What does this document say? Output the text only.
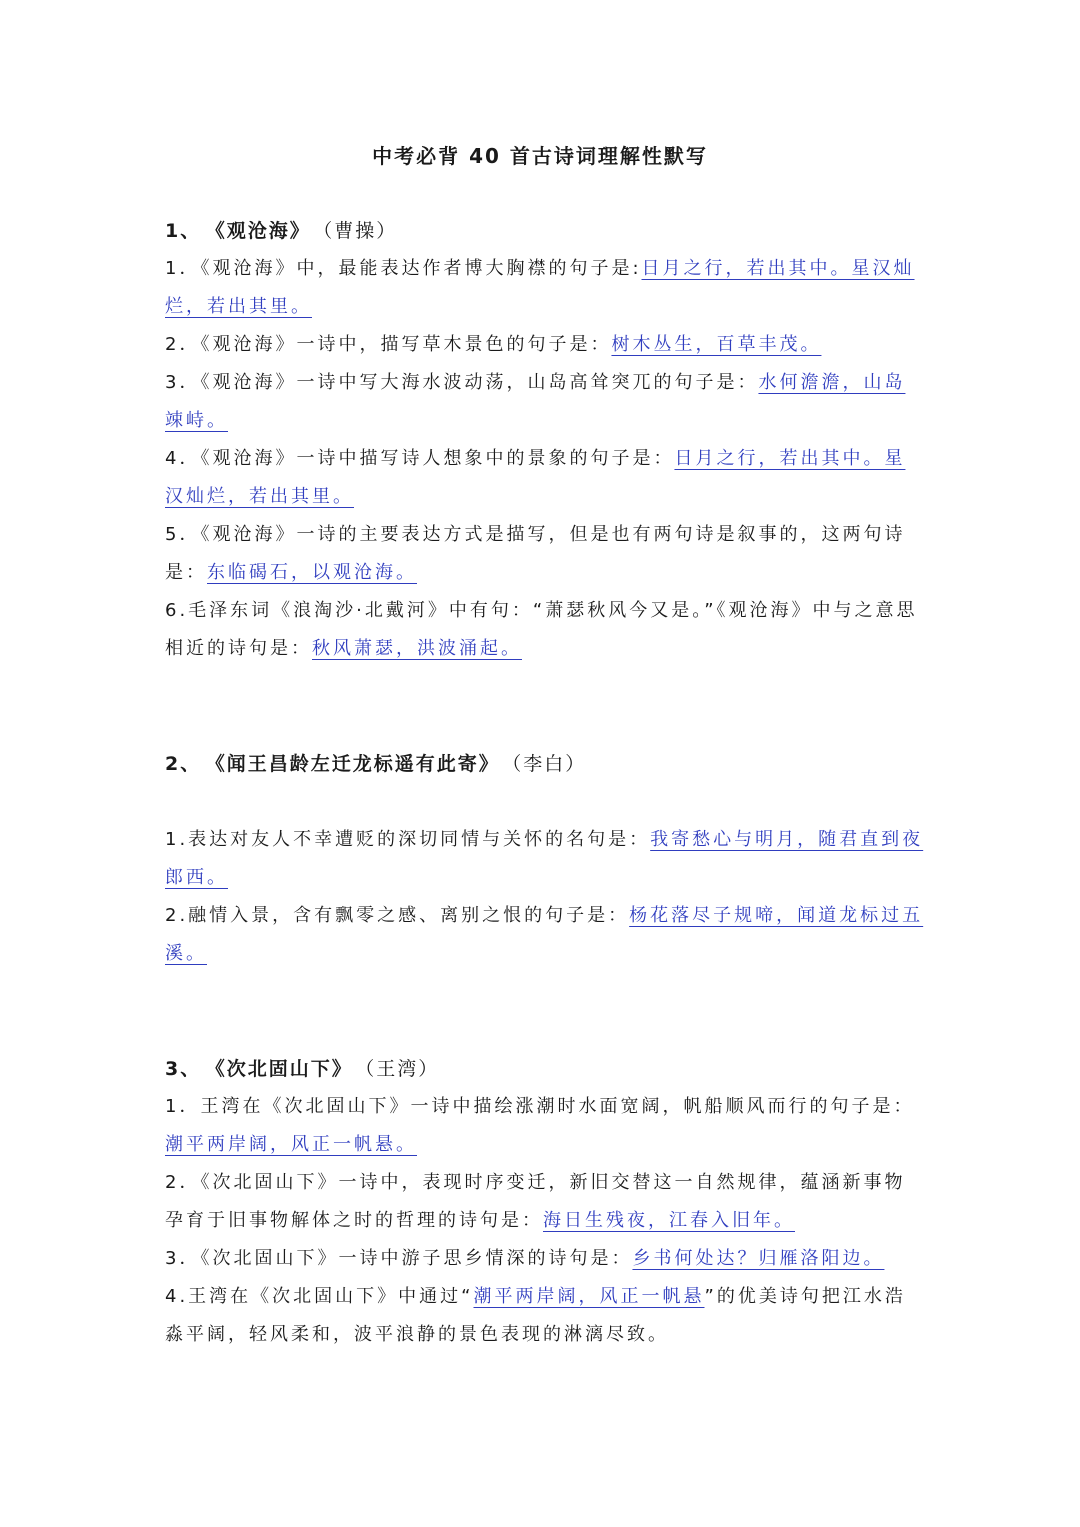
中考必背 40 首古诗词理解性默写
1、 《观沧海》 （曹操）
1．《观沧海》中，最能表达作者博大胸襟的句子是:日月之行，若出其中。星汉灿烂，若出其里。
2．《观沧海》一诗中，描写草木景色的句子是：树木丛生，百草丰茂。
3．《观沧海》一诗中写大海水波动荡，山岛高耸突兀的句子是：水何澹澹，山岛竦峙。
4．《观沧海》一诗中描写诗人想象中的景象的句子是：日月之行，若出其中。星汉灿烂，若出其里。
5．《观沧海》一诗的主要表达方式是描写，但是也有两句诗是叙事的，这两句诗是：东临碣石，以观沧海。
6.毛泽东词《浪淘沙·北戴河》中有句：“萧瑟秋风今又是。”《观沧海》中与之意思相近的诗句是：秋风萧瑟，洪波涌起。
2、 《闻王昌龄左迁龙标遥有此寄》 （李白）
1.表达对友人不幸遭贬的深切同情与关怀的名句是：我寄愁心与明月，随君直到夜郎西。
2.融情入景，含有飘零之感、离别之恨的句子是：杨花落尽子规啼，闻道龙标过五溪。
3、 《次北固山下》 （王湾）
1．王湾在《次北固山下》一诗中描绘涨潮时水面宽阔，帆船顺风而行的句子是：潮平两岸阔，风正一帆悬。
2．《次北固山下》一诗中，表现时序变迁，新旧交替这一自然规律，蕴涵新事物孕育于旧事物解体之时的哲理的诗句是：海日生残夜，江春入旧年。
3．《次北固山下》一诗中游子思乡情深的诗句是：乡书何处达？归雁洛阳边。
4.王湾在《次北固山下》中通过“潮平两岸阔，风正一帆悬”的优美诗句把江水浩淼平阔，轻风柔和，波平浪静的景色表现的淋漓尽致。
